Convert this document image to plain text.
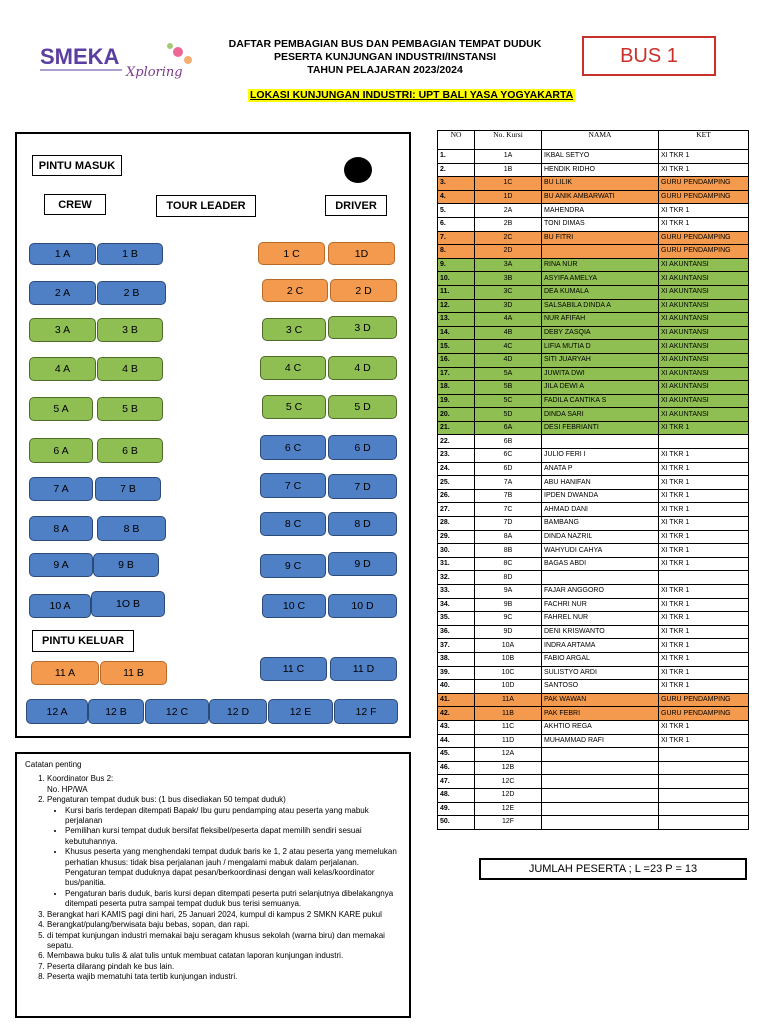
SMEKA
Xploring
DAFTAR PEMBAGIAN BUS DAN PEMBAGIAN TEMPAT DUDUK
PESERTA KUNJUNGAN INDUSTRI/INSTANSI
TAHUN PELAJARAN 2023/2024
LOKASI KUNJUNGAN INDUSTRI: UPT BALI YASA YOGYAKARTA
BUS 1
PINTU MASUK
CREW	TOUR LEADER	DRIVER
PINTU KELUAR
1 A	1 B
2 A	2 B
3 A	3 B
4 A	4 B
5 A	5 B
6 A	6 B
7 A	7 B
8 A	8 B
9 A	9 B
10 A	1O B
1 C	1D
2 C	2 D
3 C	3 D
4 C	4 D
5 C	5 D
6 C	6 D
7 C	7 D
8 C	8 D
9 C	9 D
10 C	10 D
11 A	11 B	11 C	11 D
12 A	12 B	12 C	12 D	12 E	12 F
NO	No. Kursi	NAMA	KET
1.	1A	IKBAL SETYO	XI TKR 1
2.	1B	HENDIK RIDHO	XI TKR 1
3.	1C	BU LILIK	GURU PENDAMPING
4.	1D	BU ANIK AMBARWATI	GURU PENDAMPING
5.	2A	MAHENDRA	XI TKR 1
6.	2B	TONI DIMAS	XI TKR 1
7.	2C	BU FITRI	GURU PENDAMPING
8.	2D		GURU PENDAMPING
9.	3A	RINA NUR	XI AKUNTANSI
10.	3B	ASYIFA AMELYA	XI AKUNTANSI
11.	3C	DEA KUMALA	XI AKUNTANSI
12.	3D	SALSABILA DINDA A	XI AKUNTANSI
13.	4A	NUR AFIFAH	XI AKUNTANSI
14.	4B	DEBY ZASQIA	XI AKUNTANSI
15.	4C	LIFIA MUTIA D	XI AKUNTANSI
16.	4D	SITI JUARYAH	XI AKUNTANSI
17.	5A	JUWITA DWI	XI AKUNTANSI
18.	5B	JILA DEWI A	XI AKUNTANSI
19.	5C	FADILA CANTIKA S	XI AKUNTANSI
20.	5D	DINDA SARI	XI AKUNTANSI
21.	6A	DESI FEBRIANTI	XI TKR 1
22.	6B		
23.	6C	JULIO FERI I	XI TKR 1
24.	6D	ANATA P	XI TKR 1
25.	7A	ABU HANIFAN	XI TKR 1
26.	7B	IPDEN DWANDA	XI TKR 1
27.	7C	AHMAD DANI	XI TKR 1
28.	7D	BAMBANG	XI TKR 1
29.	8A	DINDA NAZRIL	XI TKR 1
30.	8B	WAHYUDI CAHYA	XI TKR 1
31.	8C	BAGAS ABDI	XI TKR 1
32.	8D		
33.	9A	FAJAR ANGGORO	XI TKR 1
34.	9B	FACHRI NUR	XI TKR 1
35.	9C	FAHREL NUR	XI TKR 1
36.	9D	DENI KRISWANTO	XI TKR 1
37.	10A	INDRA ARTAMA	XI TKR 1
38.	10B	FABIO ARGAL	XI TKR 1
39.	10C	SULISTYO ARDI	XI TKR 1
40.	10D	SANTOSO	XI TKR 1
41.	11A	PAK WAWAN	GURU PENDAMPING
42.	11B	PAK FEBRI	GURU PENDAMPING
43.	11C	AKHTIO REGA	XI TKR 1
44.	11D	MUHAMMAD RAFI	XI TKR 1
45.	12A		
46.	12B		
47.	12C		
48.	12D		
49.	12E		
50.	12F		
JUMLAH PESERTA ; L =23 P = 13
Catatan penting
1. Koordinator Bus 2:
No. HP/WA
2. Pengaturan tempat duduk bus: (1 bus disediakan 50 tempat duduk)
• Kursi baris terdepan ditempati Bapak/ Ibu guru pendamping atau peserta yang mabuk perjalanan
• Pemilihan kursi tempat duduk bersifat fleksibel/peserta dapat memilih sendiri sesuai kebutuhannya.
• Khusus peserta yang menghendaki tempat duduk baris ke 1, 2 atau peserta yang memelukan perhatian khusus: tidak bisa perjalanan jauh / mengalami mabuk dalam perjalanan. Pengaturan tempat duduknya dapat pesan/berkoordinasi dengan wali kelas/koordinator bus/panitia.
• Pengaturan baris duduk, baris kursi depan ditempati peserta putri selanjutnya dibelakangnya ditempati peserta putra sampai tempat duduk bus terisi semuanya.
3. Berangkat hari KAMIS pagi dini hari, 25 Januari 2024, kumpul di kampus 2 SMKN KARE pukul
4. Berangkat/pulang/berwisata baju bebas, sopan, dan rapi.
5. di tempat kunjungan industri memakai baju seragam khusus sekolah (warna biru) dan memakai sepatu.
6. Membawa buku tulis & alat tulis untuk membuat catatan laporan kunjungan industri.
7. Peserta dilarang pindah ke bus lain.
8. Peserta wajib mematuhi tata tertib kunjungan industri.
